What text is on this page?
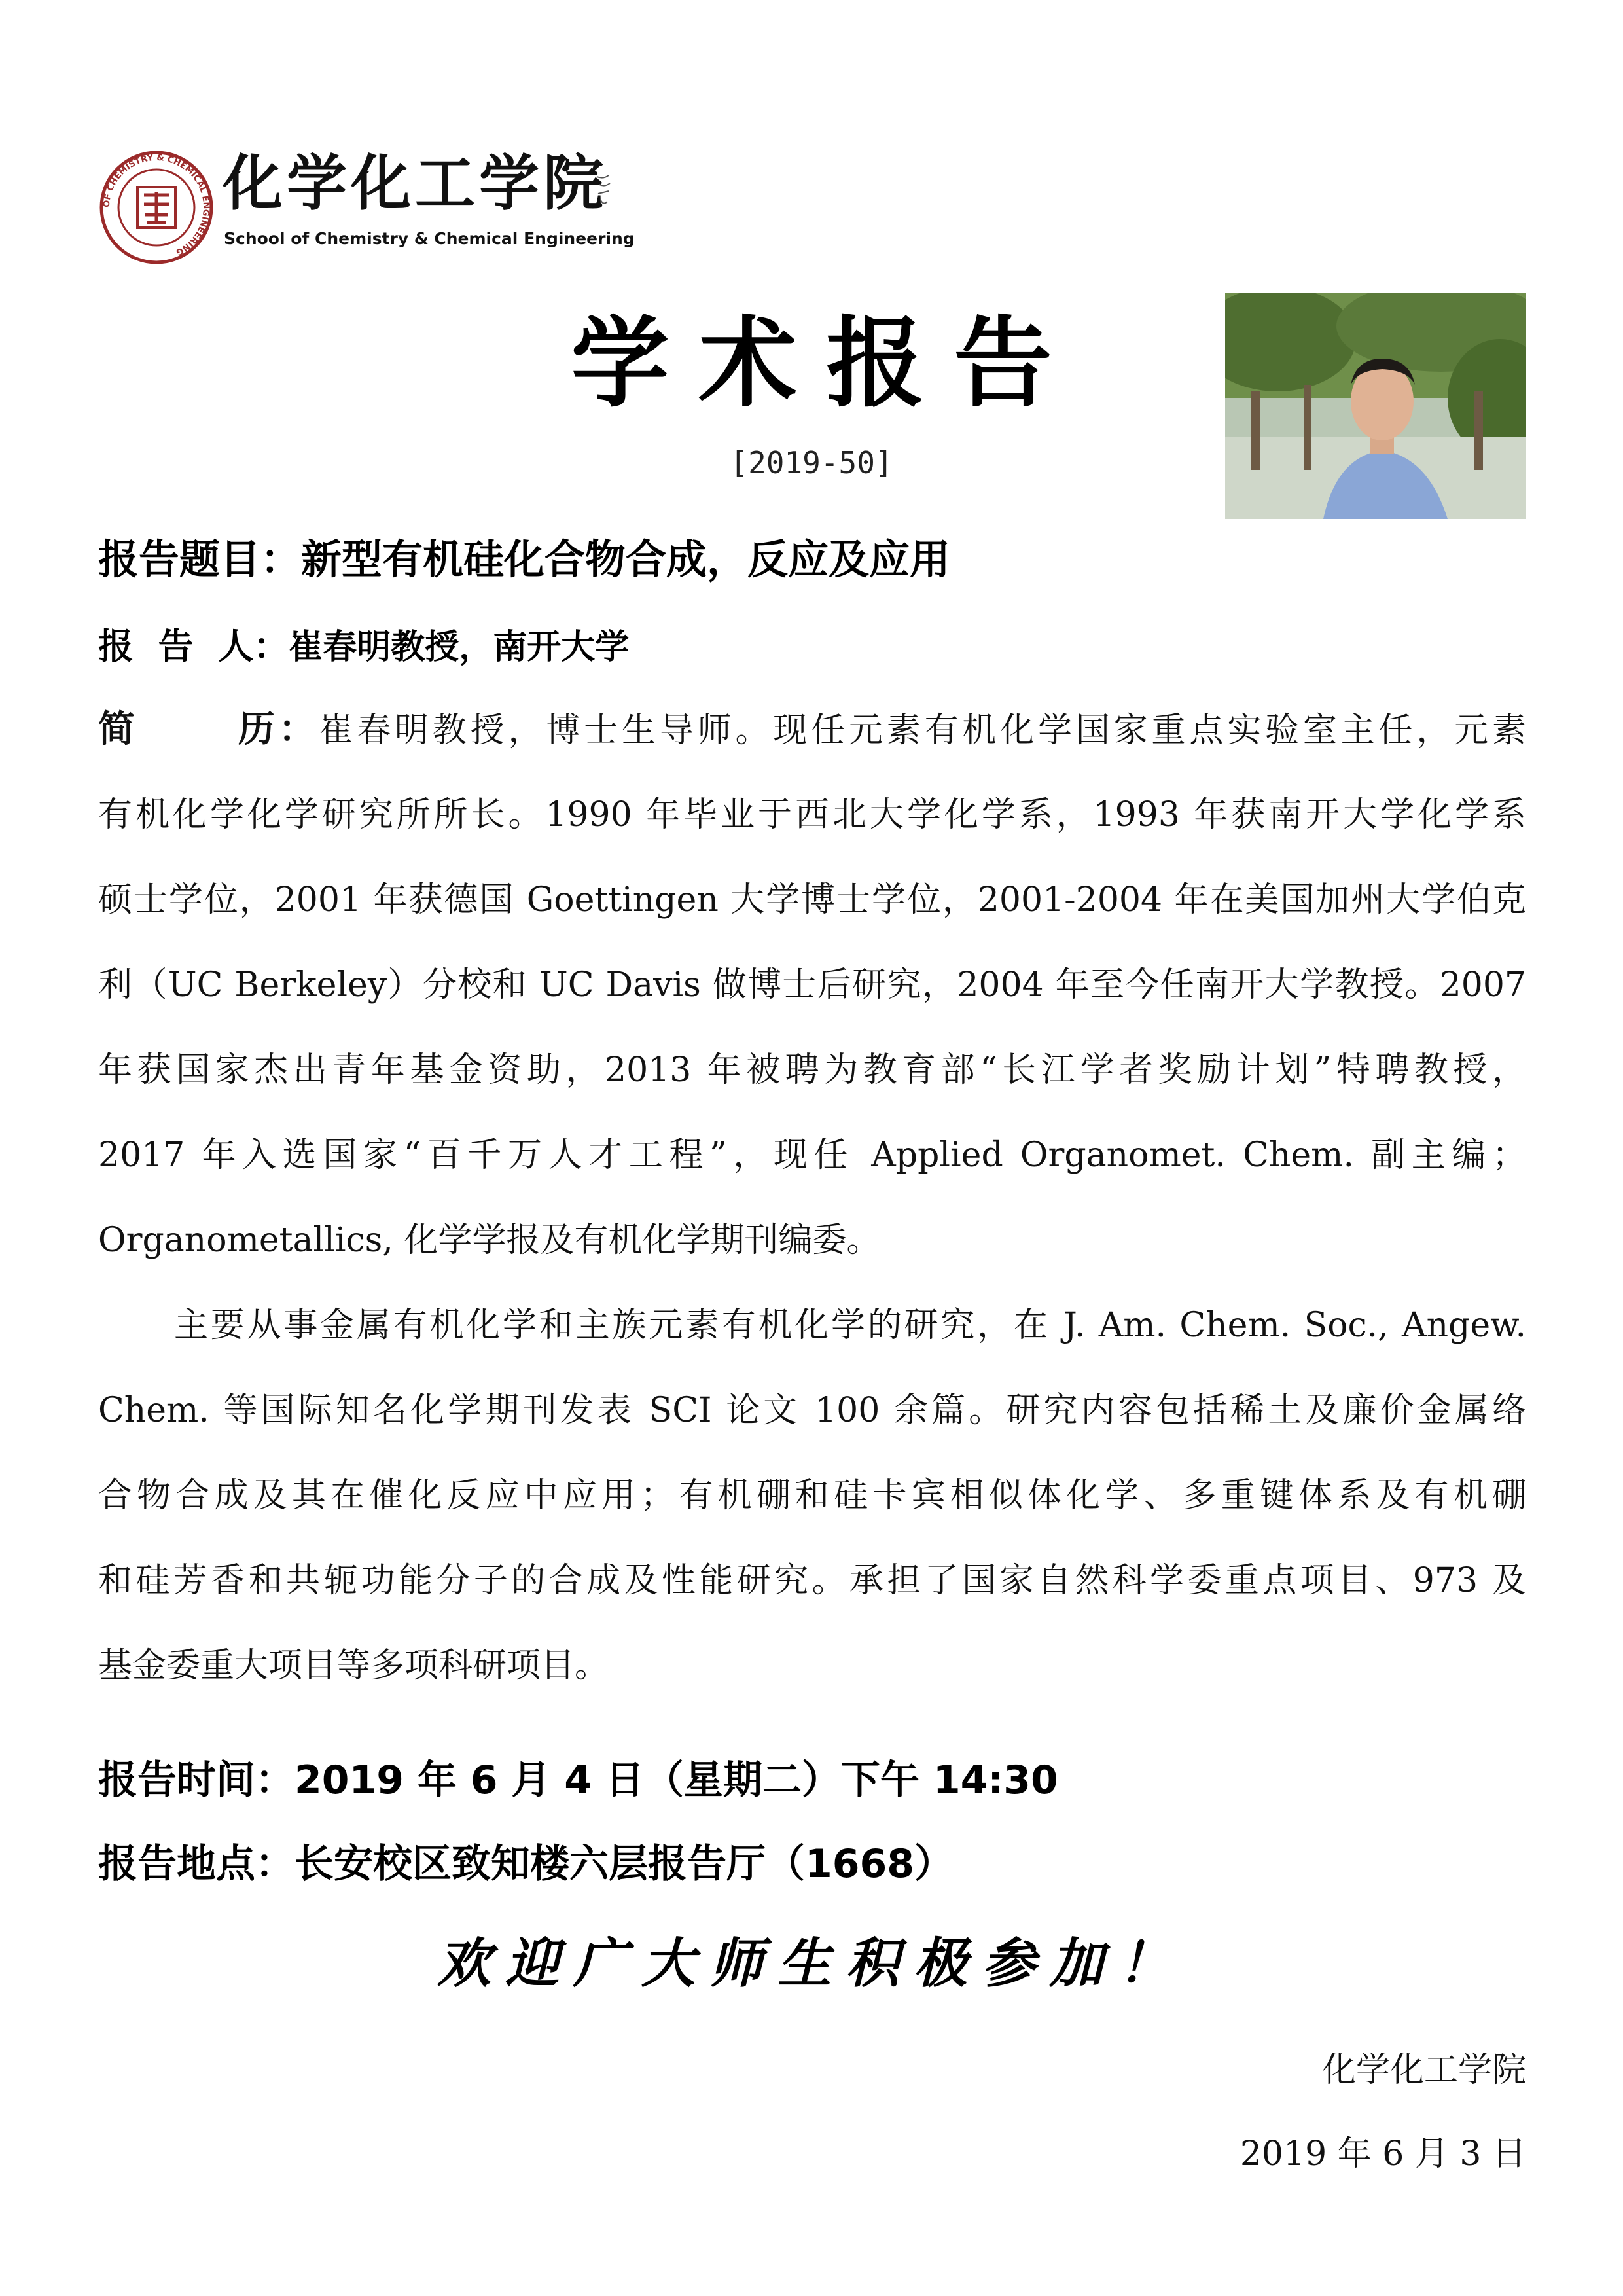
OF CHEMISTRY & CHEMICAL ENGINEERING
化学化工学院
School of Chemistry & Chemical Engineering
学术报告
[2019-50]
报告题目：新型有机硅化合物合成，反应及应用
报  告  人：崔春明教授，南开大学
简      历：崔春明教授，博士生导师。现任元素有机化学国家重点实验室主任，元素
有机化学化学研究所所长。1990 年毕业于西北大学化学系，1993 年获南开大学化学系
硕士学位，2001 年获德国 Goettingen 大学博士学位，2001-2004 年在美国加州大学伯克
利（UC Berkeley）分校和 UC Davis 做博士后研究，2004 年至今任南开大学教授。2007
年获国家杰出青年基金资助，2013 年被聘为教育部“长江学者奖励计划”特聘教授，
2017 年入选国家“百千万人才工程”，现任 Applied Organomet. Chem. 副主编；
Organometallics, 化学学报及有机化学期刊编委。
主要从事金属有机化学和主族元素有机化学的研究，在 J. Am. Chem. Soc., Angew.
Chem. 等国际知名化学期刊发表 SCI 论文 100 余篇。研究内容包括稀土及廉价金属络
合物合成及其在催化反应中应用；有机硼和硅卡宾相似体化学、多重键体系及有机硼
和硅芳香和共轭功能分子的合成及性能研究。承担了国家自然科学委重点项目、973 及
基金委重大项目等多项科研项目。
报告时间：2019 年 6 月 4 日（星期二）下午 14:30
报告地点：长安校区致知楼六层报告厅（1668）
欢迎广大师生积极参加！
化学化工学院
2019 年 6 月 3 日
